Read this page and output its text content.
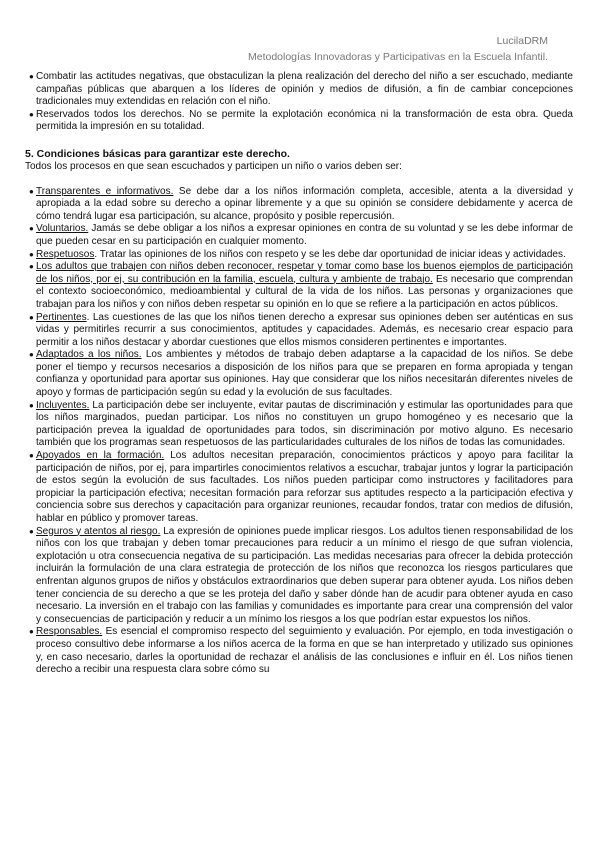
LucilaDRM
Metodologías Innovadoras y Participativas en la Escuela Infantil.
● Combatir las actitudes negativas, que obstaculizan la plena realización del derecho del niño a ser escuchado, mediante campañas públicas que abarquen a los líderes de opinión y medios de difusión, a fin de cambiar concepciones tradicionales muy extendidas en relación con el niño.
● Reservados todos los derechos. No se permite la explotación económica ni la transformación de esta obra. Queda permitida la impresión en su totalidad.
5. Condiciones básicas para garantizar este derecho.
Todos los procesos en que sean escuchados y participen un niño o varios deben ser:
● Transparentes e informativos. Se debe dar a los niños información completa, accesible, atenta a la diversidad y apropiada a la edad sobre su derecho a opinar libremente y a que su opinión se considere debidamente y acerca de cómo tendrá lugar esa participación, su alcance, propósito y posible repercusión.
● Voluntarios. Jamás se debe obligar a los niños a expresar opiniones en contra de su voluntad y se les debe informar de que pueden cesar en su participación en cualquier momento.
● Respetuosos. Tratar las opiniones de los niños con respeto y se les debe dar oportunidad de iniciar ideas y actividades.
● Los adultos que trabajen con niños deben reconocer, respetar y tomar como base los buenos ejemplos de participación de los niños, por ej, su contribución en la familia, escuela, cultura y ambiente de trabajo. Es necesario que comprendan el contexto socioeconómico, medioambiental y cultural de la vida de los niños. Las personas y organizaciones que trabajan para los niños y con niños deben respetar su opinión en lo que se refiere a la participación en actos públicos.
● Pertinentes. Las cuestiones de las que los niños tienen derecho a expresar sus opiniones deben ser auténticas en sus vidas y permitirles recurrir a sus conocimientos, aptitudes y capacidades. Además, es necesario crear espacio para permitir a los niños destacar y abordar cuestiones que ellos mismos consideren pertinentes e importantes.
● Adaptados a los niños. Los ambientes y métodos de trabajo deben adaptarse a la capacidad de los niños. Se debe poner el tiempo y recursos necesarios a disposición de los niños para que se preparen en forma apropiada y tengan confianza y oportunidad para aportar sus opiniones. Hay que considerar que los niños necesitarán diferentes niveles de apoyo y formas de participación según su edad y la evolución de sus facultades.
● Incluyentes. La participación debe ser incluyente, evitar pautas de discriminación y estimular las oportunidades para que los niños marginados, puedan participar. Los niños no constituyen un grupo homogéneo y es necesario que la participación prevea la igualdad de oportunidades para todos, sin discriminación por motivo alguno. Es necesario también que los programas sean respetuosos de las particularidades culturales de los niños de todas las comunidades.
● Apoyados en la formación. Los adultos necesitan preparación, conocimientos prácticos y apoyo para facilitar la participación de niños, por ej, para impartirles conocimientos relativos a escuchar, trabajar juntos y lograr la participación de estos según la evolución de sus facultades. Los niños pueden participar como instructores y facilitadores para propiciar la participación efectiva; necesitan formación para reforzar sus aptitudes respecto a la participación efectiva y conciencia sobre sus derechos y capacitación para organizar reuniones, recaudar fondos, tratar con medios de difusión, hablar en público y promover tareas.
● Seguros y atentos al riesgo. La expresión de opiniones puede implicar riesgos. Los adultos tienen responsabilidad de los niños con los que trabajan y deben tomar precauciones para reducir a un mínimo el riesgo de que sufran violencia, explotación u otra consecuencia negativa de su participación. Las medidas necesarias para ofrecer la debida protección incluirán la formulación de una clara estrategia de protección de los niños que reconozca los riesgos particulares que enfrentan algunos grupos de niños y obstáculos extraordinarios que deben superar para obtener ayuda. Los niños deben tener conciencia de su derecho a que se les proteja del daño y saber dónde han de acudir para obtener ayuda en caso necesario. La inversión en el trabajo con las familias y comunidades es importante para crear una comprensión del valor y consecuencias de participación y reducir a un mínimo los riesgos a los que podrían estar expuestos los niños.
● Responsables. Es esencial el compromiso respecto del seguimiento y evaluación. Por ejemplo, en toda investigación o proceso consultivo debe informarse a los niños acerca de la forma en que se han interpretado y utilizado sus opiniones y, en caso necesario, darles la oportunidad de rechazar el análisis de las conclusiones e influir en él. Los niños tienen derecho a recibir una respuesta clara sobre cómo su
